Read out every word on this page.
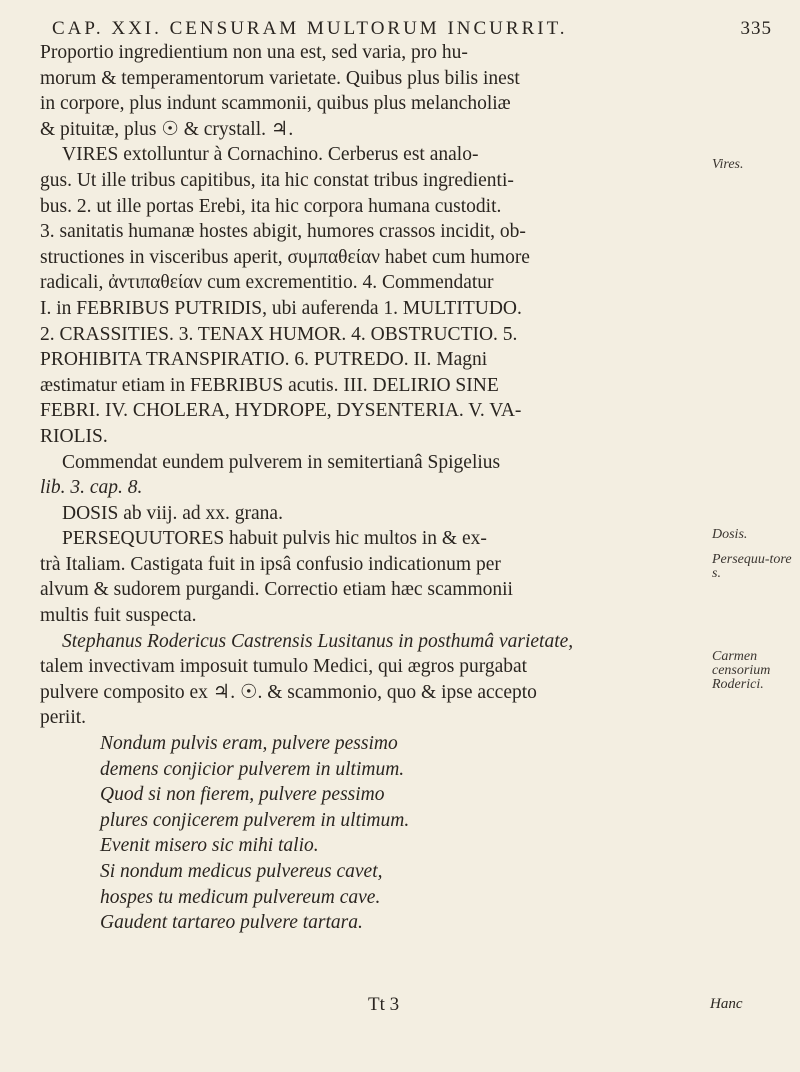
CAP. XXI. CENSURAM MULTORUM INCURRIT.	335
Proportio ingredientium non una est, sed varia, pro hu-
morum & temperamentorum varietate. Quibus plus bilis inest
in corpore, plus indunt scammonii, quibus plus melancholiæ
& pituitæ, plus ☉ & crystall. ♃.
VIRES extolluntur à Cornachino. Cerberus est analo-
gus. Ut ille tribus capitibus, ita hic constat tribus ingredienti-
bus. 2. ut ille portas Erebi, ita hic corpora humana custodit.
3. sanitatis humanæ hostes abigit, humores crassos incidit, ob-
structiones in visceribus aperit, συμπαθείαν habet cum humore
radicali, ἀντιπαθείαν cum excrementitio. 4. Commendatur
I. in FEBRIBUS PUTRIDIS, ubi auferenda 1. MULTITUDO.
2. CRASSITIES. 3. TENAX HUMOR. 4. OBSTRUCTIO. 5.
PROHIBITA TRANSPIRATIO. 6. PUTREDO. II. Magni
æstimatur etiam in FEBRIBUS acutis. III. DELIRIO SINE
FEBRI. IV. CHOLERA, HYDROPE, DYSENTERIA. V. VA-
RIOLIS.
Commendat eundem pulverem in semitertianâ Spigelius
lib. 3. cap. 8.
DOSIS ab viij. ad xx. grana.
PERSEQUUTORES habuit pulvis hic multos in & ex-
trà Italiam. Castigata fuit in ipsâ confusio indicationum per
alvum & sudorem purgandi. Correctio etiam hæc scammonii
multis fuit suspecta.
Stephanus Rodericus Castrensis Lusitanus in posthumâ varietate,
talem invectivam imposuit tumulo Medici, qui ægros purgabat
pulvere composito ex ♃. ☉. & scammonio, quo & ipse accepto
periit.
Nondum pulvis eram, pulvere pessimo
demens conjicior pulverem in ultimum.
Quod si non fierem, pulvere pessimo
plures conjicerem pulverem in ultimum.
Evenit misero sic mihi talio.
Si nondum medicus pulvereus cavet,
hospes tu medicum pulvereum cave.
Gaudent tartareo pulvere tartara.
Vires.
Dosis.
Persequu-tores.
Carmen censorium Roderici.
Tt 3	Hanc
